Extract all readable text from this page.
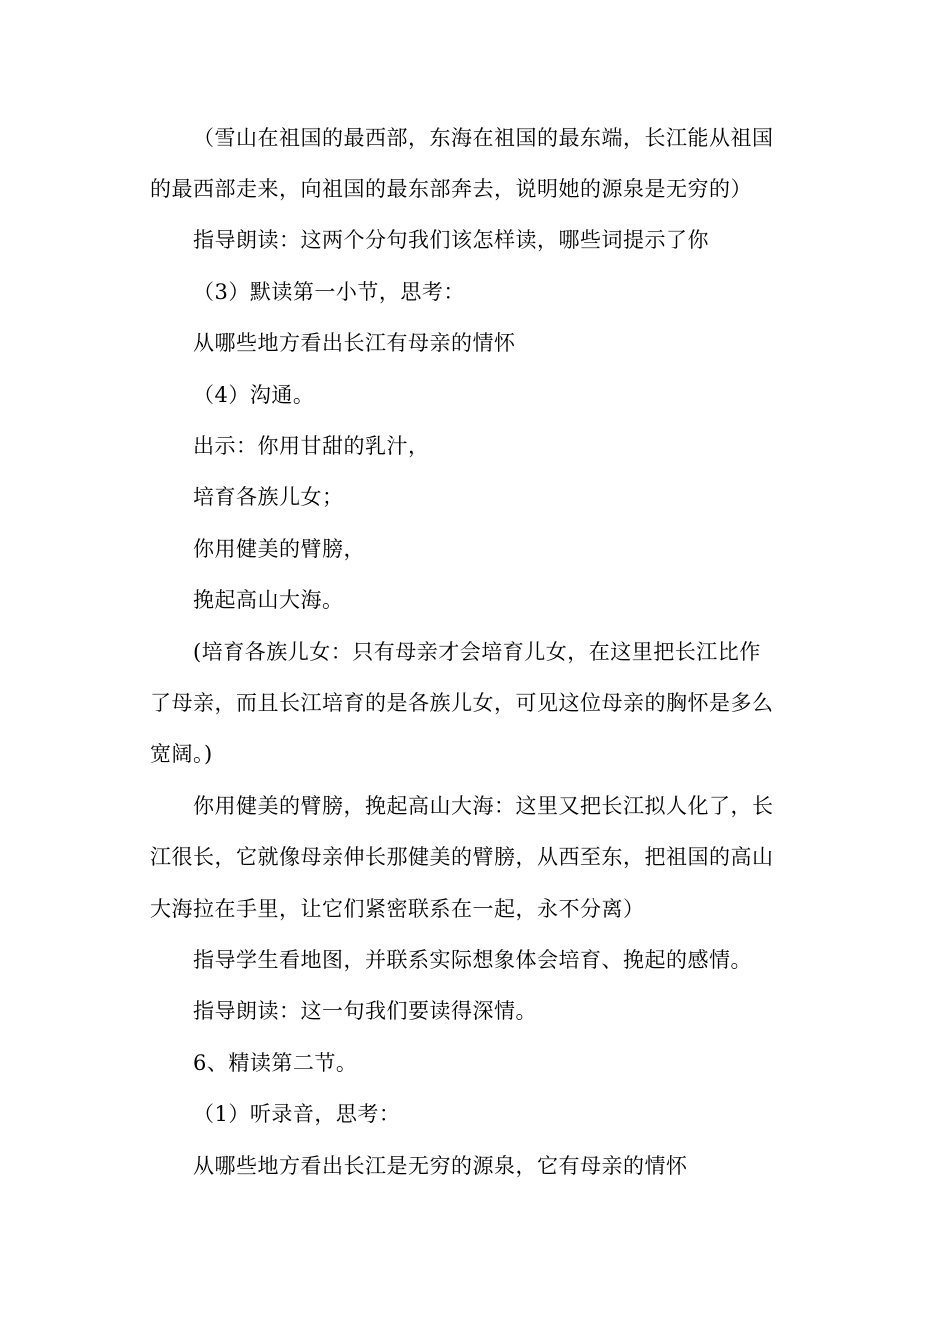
（雪山在祖国的最西部，东海在祖国的最东端，长江能从祖国
的最西部走来，向祖国的最东部奔去，说明她的源泉是无穷的）
指导朗读：这两个分句我们该怎样读，哪些词提示了你
（3）默读第一小节，思考：
从哪些地方看出长江有母亲的情怀
（4）沟通。
出示：你用甘甜的乳汁，
培育各族儿女；
你用健美的臂膀，
挽起高山大海。
(培育各族儿女：只有母亲才会培育儿女，在这里把长江比作
了母亲，而且长江培育的是各族儿女，可见这位母亲的胸怀是多么
宽阔。)
你用健美的臂膀，挽起高山大海：这里又把长江拟人化了，长
江很长，它就像母亲伸长那健美的臂膀，从西至东，把祖国的高山
大海拉在手里，让它们紧密联系在一起，永不分离）
指导学生看地图，并联系实际想象体会培育、挽起的感情。
指导朗读：这一句我们要读得深情。
6、精读第二节。
（1）听录音，思考：
从哪些地方看出长江是无穷的源泉，它有母亲的情怀
